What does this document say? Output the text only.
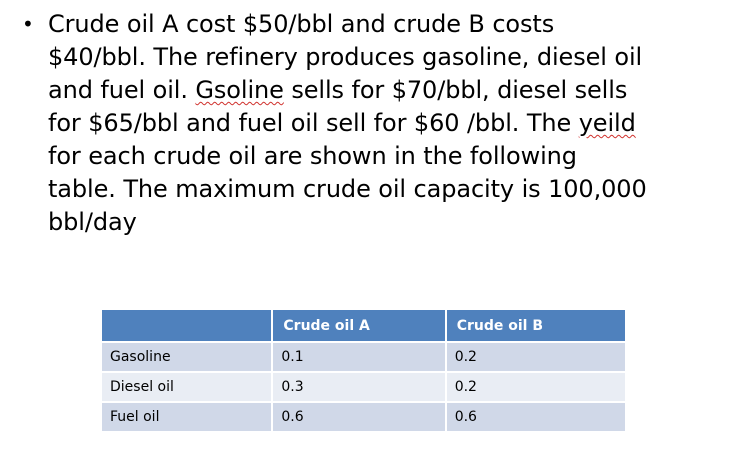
• Crude oil A cost $50/bbl and crude B costs
$40/bbl. The refinery produces gasoline, diesel oil
and fuel oil. Gsoline sells for $70/bbl, diesel sells
for $65/bbl and fuel oil sell for $60 /bbl. The yeild
for each crude oil are shown in the following
table. The maximum crude oil capacity is 100,000
bbl/day
	Crude oil A	Crude oil B
Gasoline	0.1	0.2
Diesel oil	0.3	0.2
Fuel oil	0.6	0.6
